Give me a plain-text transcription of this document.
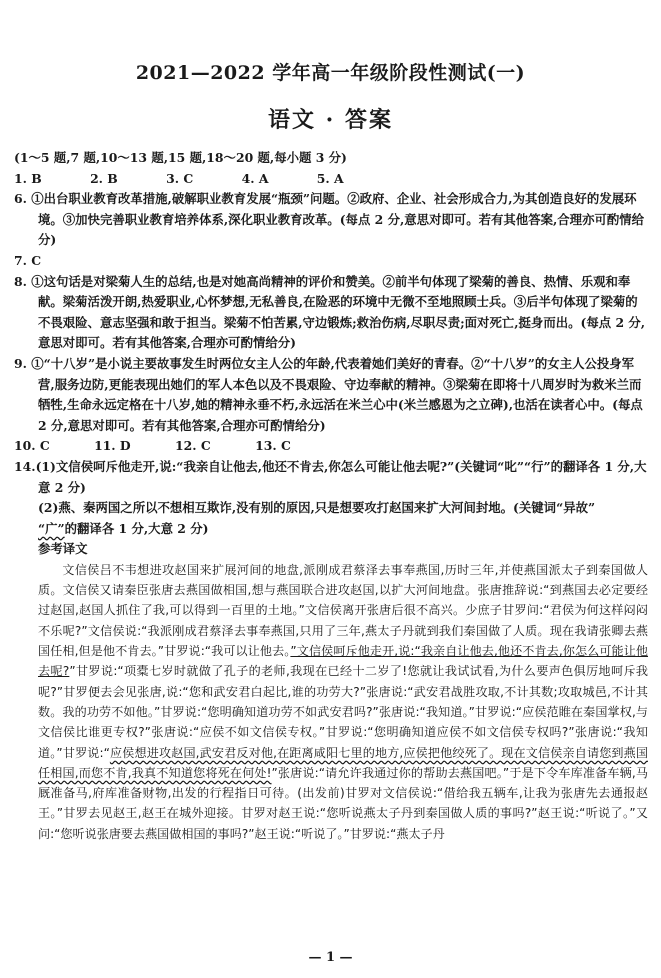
2021—2022 学年高一年级阶段性测试(一)
语文 · 答案

(1～5 题,7 题,10～13 题,15 题,18～20 题,每小题 3 分)

1. B	2. B	3. C	4. A	5. A

6. ①出台职业教育改革措施,破解职业教育发展“瓶颈”问题。②政府、企业、社会形成合力,为其创造良好的发展环境。③加快完善职业教育培养体系,深化职业教育改革。(每点 2 分,意思对即可。若有其他答案,合理亦可酌情给分)

7. C

8. ①这句话是对梁菊人生的总结,也是对她高尚精神的评价和赞美。②前半句体现了梁菊的善良、热情、乐观和奉献。梁菊活泼开朗,热爱职业,心怀梦想,无私善良,在险恶的环境中无微不至地照顾士兵。③后半句体现了梁菊的不畏艰险、意志坚强和敢于担当。梁菊不怕苦累,守边锻炼;救治伤病,尽职尽责;面对死亡,挺身而出。(每点 2 分,意思对即可。若有其他答案,合理亦可酌情给分)

9. ①“十八岁”是小说主要故事发生时两位女主人公的年龄,代表着她们美好的青春。②“十八岁”的女主人公投身军营,服务边防,更能表现出她们的军人本色以及不畏艰险、守边奉献的精神。③梁菊在即将十八周岁时为救米兰而牺牲,生命永远定格在十八岁,她的精神永垂不朽,永远活在米兰心中(米兰感恩为之立碑),也活在读者心中。(每点 2 分,意思对即可。若有其他答案,合理亦可酌情给分)

10. C	11. D	12. C	13. C

14.(1)文信侯呵斥他走开,说:“我亲自让他去,他还不肯去,你怎么可能让他去呢?”(关键词“叱”“行”的翻译各 1 分,大意 2 分)

(2)燕、秦两国之所以不想相互欺诈,没有别的原因,只是想要攻打赵国来扩大河间封地。(关键词“异故”
“广”的翻译各 1 分,大意 2 分)

参考译文

文信侯吕不韦想进攻赵国来扩展河间的地盘,派刚成君蔡泽去事奉燕国,历时三年,并使燕国派太子到秦国做人质。文信侯又请秦臣张唐去燕国做相国,想与燕国联合进攻赵国,以扩大河间地盘。张唐推辞说:“到燕国去必定要经过赵国,赵国人抓住了我,可以得到一百里的土地。”文信侯离开张唐后很不高兴。少庶子甘罗问:“君侯为何这样闷闷不乐呢?”文信侯说:“我派刚成君蔡泽去事奉燕国,只用了三年,燕太子丹就到我们秦国做了人质。现在我请张卿去燕国任相,但是他不肯去。”甘罗说:“我可以让他去。”文信侯呵斥他走开,说:“我亲自让他去,他还不肯去,你怎么可能让他去呢?”甘罗说:“项橐七岁时就做了孔子的老师,我现在已经十二岁了!您就让我试试看,为什么要声色俱厉地呵斥我呢?”甘罗便去会见张唐,说:“您和武安君白起比,谁的功劳大?”张唐说:“武安君战胜攻取,不计其数;攻取城邑,不计其数。我的功劳不如他。”甘罗说:“您明确知道功劳不如武安君吗?”张唐说:“我知道。”甘罗说:“应侯范睢在秦国掌权,与文信侯比谁更专权?”张唐说:“应侯不如文信侯专权。”甘罗说:“您明确知道应侯不如文信侯专权吗?”张唐说:“我知道。”甘罗说:“应侯想进攻赵国,武安君反对他,在距离咸阳七里的地方,应侯把他绞死了。现在文信侯亲自请您到燕国任相国,而您不肯,我真不知道您将死在何处!”张唐说:“请允许我通过你的帮助去燕国吧。”于是下令车库准备车辆,马厩准备马,府库准备财物,出发的行程指日可待。(出发前)甘罗对文信侯说:“借给我五辆车,让我为张唐先去通报赵王。”甘罗去见赵王,赵王在城外迎接。甘罗对赵王说:“您听说燕太子丹到秦国做人质的事吗?”赵王说:“听说了。”又问:“您听说张唐要去燕国做相国的事吗?”赵王说:“听说了。”甘罗说:“燕太子丹

— 1 —
